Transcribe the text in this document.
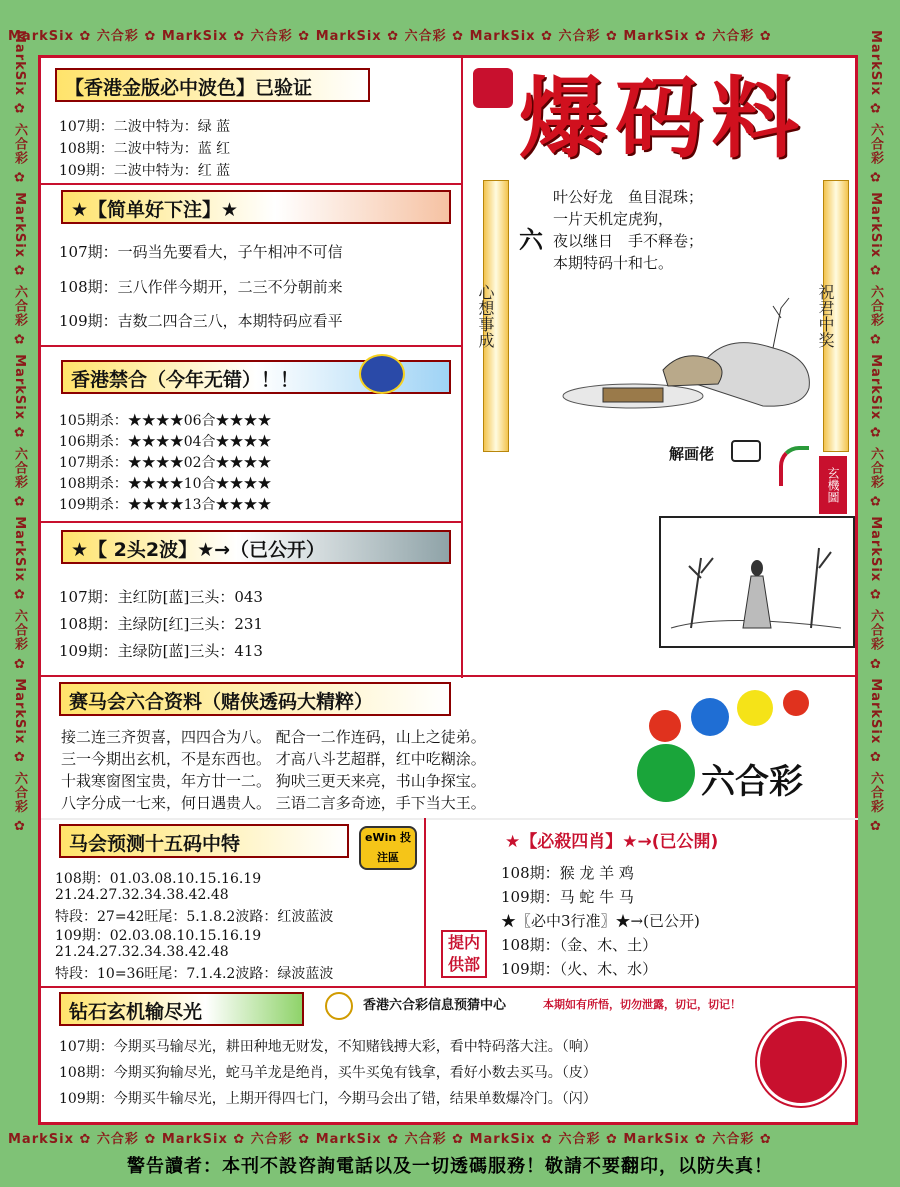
MarkSix ✿ 六合彩 ✿ MarkSix ✿ 六合彩 ✿ MarkSix ✿ 六合彩 ✿ MarkSix ✿ 六合彩 ✿ MarkSix ✿ 六合彩 ✿
MarkSix ✿ 六合彩 ✿ MarkSix ✿ 六合彩 ✿ MarkSix ✿ 六合彩 ✿ MarkSix ✿ 六合彩 ✿ MarkSix ✿ 六合彩 ✿
MarkSix ✿ 六合彩 ✿ MarkSix ✿ 六合彩 ✿ MarkSix ✿ 六合彩 ✿ MarkSix ✿ 六合彩 ✿ MarkSix ✿ 六合彩 ✿	MarkSix ✿ 六合彩 ✿ MarkSix ✿ 六合彩 ✿ MarkSix ✿ 六合彩 ✿ MarkSix ✿ 六合彩 ✿ MarkSix ✿ 六合彩 ✿
【香港金版必中波色】已验证
107期：二波中特为：绿 蓝
108期：二波中特为：蓝 红
109期：二波中特为：红 蓝
★【简单好下注】★
107期：一码当先要看大，子午相冲不可信
108期：三八作伴今期开，二三不分朝前来
109期：吉数二四合三八，本期特码应看平
香港禁合（今年无错）！！
105期杀：★★★★06合★★★★
106期杀：★★★★04合★★★★
107期杀：★★★★02合★★★★
108期杀：★★★★10合★★★★
109期杀：★★★★13合★★★★
★【 2头2波】★→（已公开）
107期：主红防[蓝]三头：043
108期：主绿防[红]三头：231
109期：主绿防[蓝]三头：413
爆码料
心想事成	祝君中奖
六
叶公好龙　鱼目混珠；
一片天机定虎狗，
夜以继日　手不释卷；
本期特码十和七。
解画佬
玄機圖
赛马会六合资料（赌侠透码大精粹）
接二连三齐贺喜，四四合为八。 配合一二作连码，山上之徒弟。
三一今期出玄机，不是东西也。 才高八斗艺超群，红中吃糊涂。
十栽寒窗图宝贵，年方廿一二。 狗吠三更天来亮，书山争探宝。
八字分成一七来，何日遇贵人。 三语二言多奇迹，手下当大王。
六合彩
马会预测十五码中特	eWin 投注區
108期：01.03.08.10.15.16.19
21.24.27.32.34.38.42.48
特段：27=42旺尾：5.1.8.2波路：红波蓝波
109期：02.03.08.10.15.16.19
21.24.27.32.34.38.42.48
特段：10=36旺尾：7.1.4.2波路：绿波蓝波
★【必殺四肖】★→(已公開)
108期：猴 龙 羊 鸡
109期：马 蛇 牛 马
★〖必中3行准〗★→(已公开)
108期：（金、木、土）
109期：（火、木、水）
提内供部
钻石玄机输尽光	香港六合彩信息预猜中心	本期如有所悟，切勿泄露，切记，切记！
107期：今期买马输尽光，耕田种地无财发，不知赌钱搏大彩，看中特码落大注。（响）
108期：今期买狗输尽光，蛇马羊龙是绝肖，买牛买兔有钱拿，看好小数去买马。（皮）
109期：今期买牛输尽光，上期开得四七门，今期马会出了错，结果单数爆冷门。（闪）
警告讀者：本刊不設咨詢電話以及一切透碼服務！敬請不要翻印，以防失真！
